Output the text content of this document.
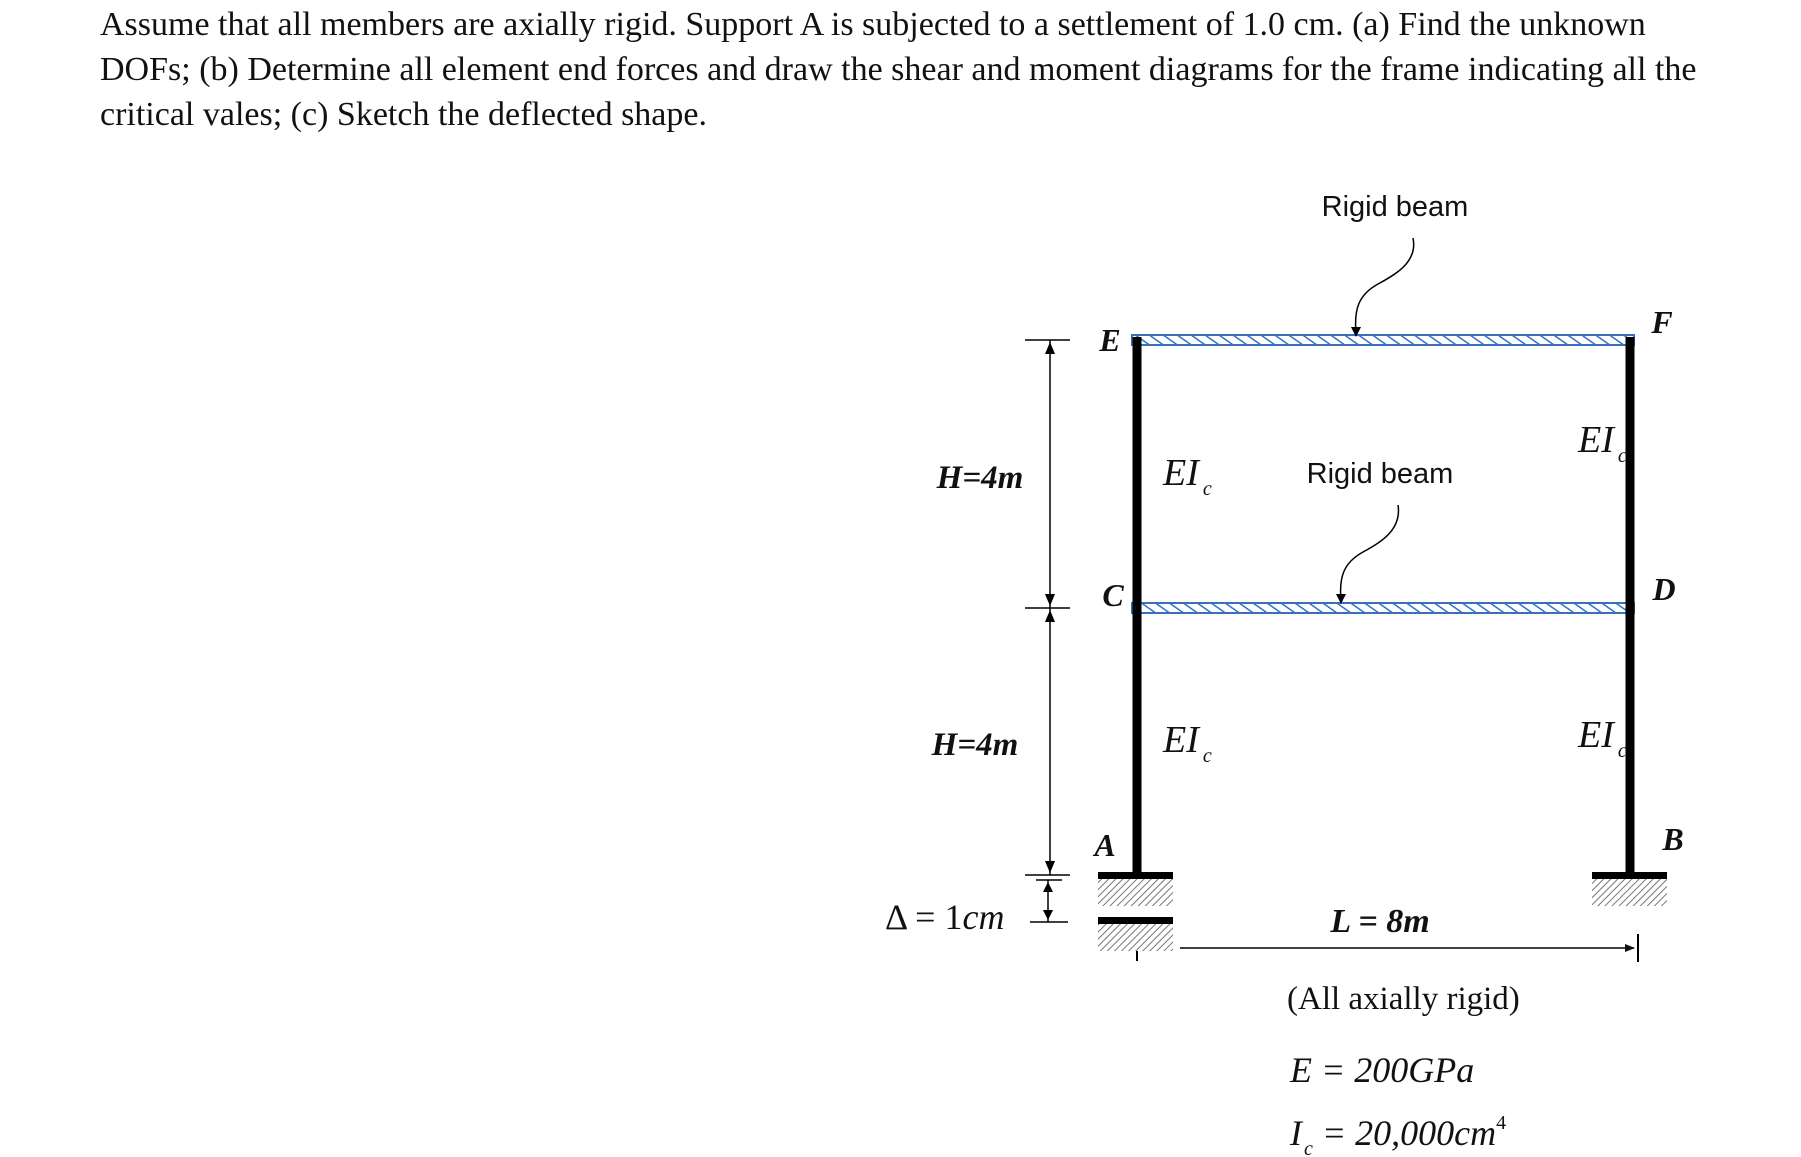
Assume that all members are axially rigid. Support A is subjected to a settlement of 1.0 cm. (a) Find the unknown DOFs; (b) Determine all element end forces and draw the shear and moment diagrams for the frame indicating all the critical vales; (c) Sketch the deflected shape.
Rigid beam
Rigid beam
E	F
C	D
A	B
H=4m
H=4m
Δ = 1cm	L = 8m
EI $_c$
EI $_c$
EI $_c$	EI $_c$
(All axially rigid)
E = 200GPa
I $_c = 20,000cm^4$
